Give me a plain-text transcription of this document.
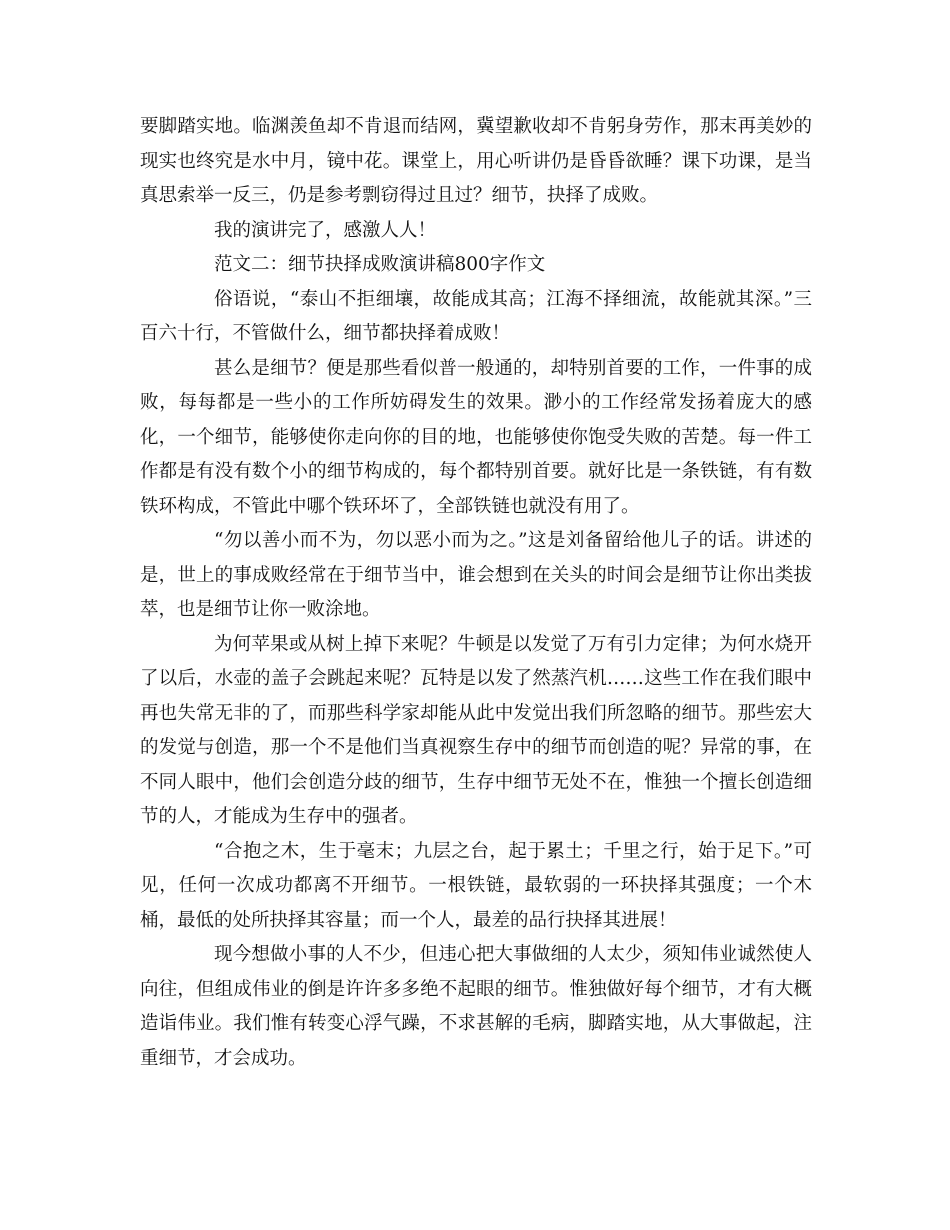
要脚踏实地。临渊羡鱼却不肯退而结网，冀望歉收却不肯躬身劳作，那末再美妙的现实也终究是水中月，镜中花。课堂上，用心听讲仍是昏昏欲睡？课下功课，是当真思索举一反三，仍是参考剽窃得过且过？细节，抉择了成败。

我的演讲完了，感激人人！

范文二：细节抉择成败演讲稿800字作文

俗语说，“泰山不拒细壤，故能成其高；江海不择细流，故能就其深。”三百六十行，不管做什么，细节都抉择着成败！

甚么是细节？便是那些看似普一般通的，却特别首要的工作，一件事的成败，每每都是一些小的工作所妨碍发生的效果。渺小的工作经常发扬着庞大的感化，一个细节，能够使你走向你的目的地，也能够使你饱受失败的苦楚。每一件工作都是有没有数个小的细节构成的，每个都特别首要。就好比是一条铁链，有有数铁环构成，不管此中哪个铁环坏了，全部铁链也就没有用了。

“勿以善小而不为，勿以恶小而为之。”这是刘备留给他儿子的话。讲述的是，世上的事成败经常在于细节当中，谁会想到在关头的时间会是细节让你出类拔萃，也是细节让你一败涂地。

为何苹果或从树上掉下来呢？牛顿是以发觉了万有引力定律；为何水烧开了以后，水壶的盖子会跳起来呢？瓦特是以发了然蒸汽机……这些工作在我们眼中再也失常无非的了，而那些科学家却能从此中发觉出我们所忽略的细节。那些宏大的发觉与创造，那一个不是他们当真视察生存中的细节而创造的呢？异常的事，在不同人眼中，他们会创造分歧的细节，生存中细节无处不在，惟独一个擅长创造细节的人，才能成为生存中的强者。

“合抱之木，生于毫末；九层之台，起于累土；千里之行，始于足下。”可见，任何一次成功都离不开细节。一根铁链，最软弱的一环抉择其强度；一个木桶，最低的处所抉择其容量；而一个人，最差的品行抉择其进展！

现今想做小事的人不少，但违心把大事做细的人太少，须知伟业诚然使人向往，但组成伟业的倒是许许多多绝不起眼的细节。惟独做好每个细节，才有大概造诣伟业。我们惟有转变心浮气躁，不求甚解的毛病，脚踏实地，从大事做起，注重细节，才会成功。
